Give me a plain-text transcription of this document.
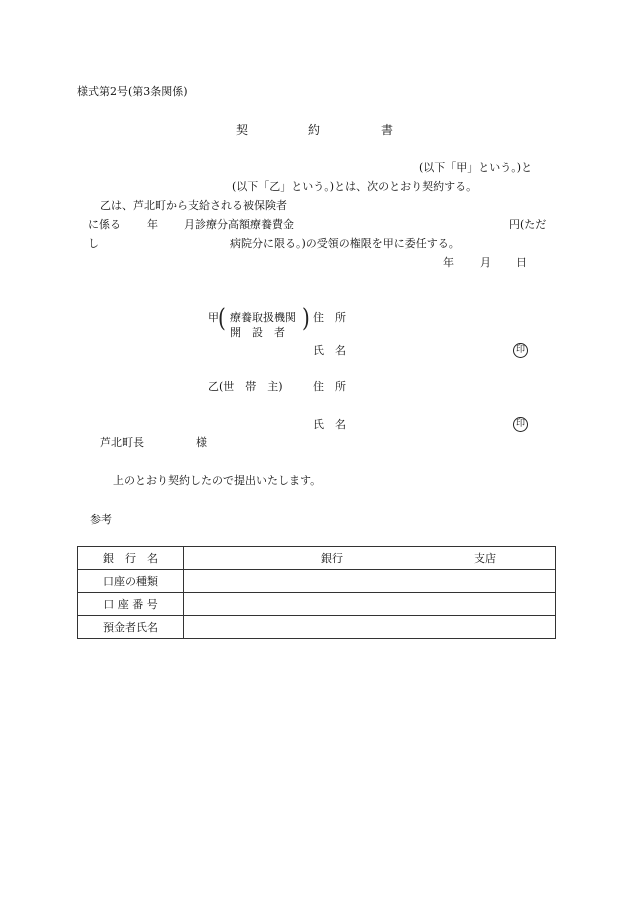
様式第2号(第3条関係)
契	約	書
(以下「甲」という。)と
(以下「乙」という。)とは、次のとおり契約する。
乙は、芦北町から支給される被保険者
に係る 年 月診療分高額療養費金	円(ただ
し	病院分に限る。)の受領の権限を甲に委任する。
年 月 日
甲 ( 療養取扱機関
開　設　者 ) 住　所
氏　名	印
乙 (世　帯　主)	住　所
氏　名	印
芦北町長	様
上のとおり契約したので提出いたします。
参考
銀　行　名	銀行 支店

口座の種類	
口 座 番 号	
預金者氏名	
